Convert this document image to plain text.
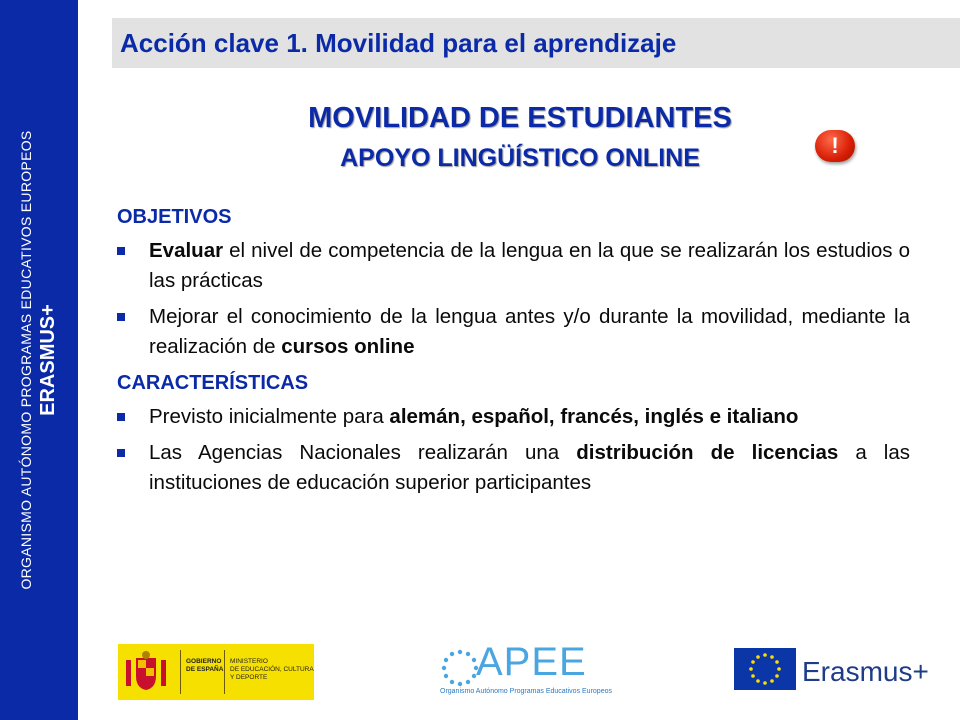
ORGANISMO AUTÓNOMO PROGRAMAS EDUCATIVOS EUROPEOS ERASMUS+
Acción clave 1. Movilidad para el aprendizaje
MOVILIDAD DE ESTUDIANTES
APOYO LINGÜÍSTICO ONLINE	!

OBJETIVOS

Evaluar el nivel de competencia de la lengua en la que se realizarán los estudios o las prácticas
Mejorar el conocimiento de la lengua antes y/o durante la movilidad, mediante la realización de cursos online

CARACTERÍSTICAS

Previsto inicialmente para alemán, español, francés, inglés e italiano
Las Agencias Nacionales realizarán una distribución de licencias a las instituciones de educación superior participantes
GOBIERNO
DE ESPAÑA
MINISTERIO
DE EDUCACIÓN, CULTURA
Y DEPORTE	APEE
Organismo Autónomo Programas Educativos Europeos
Erasmus+
